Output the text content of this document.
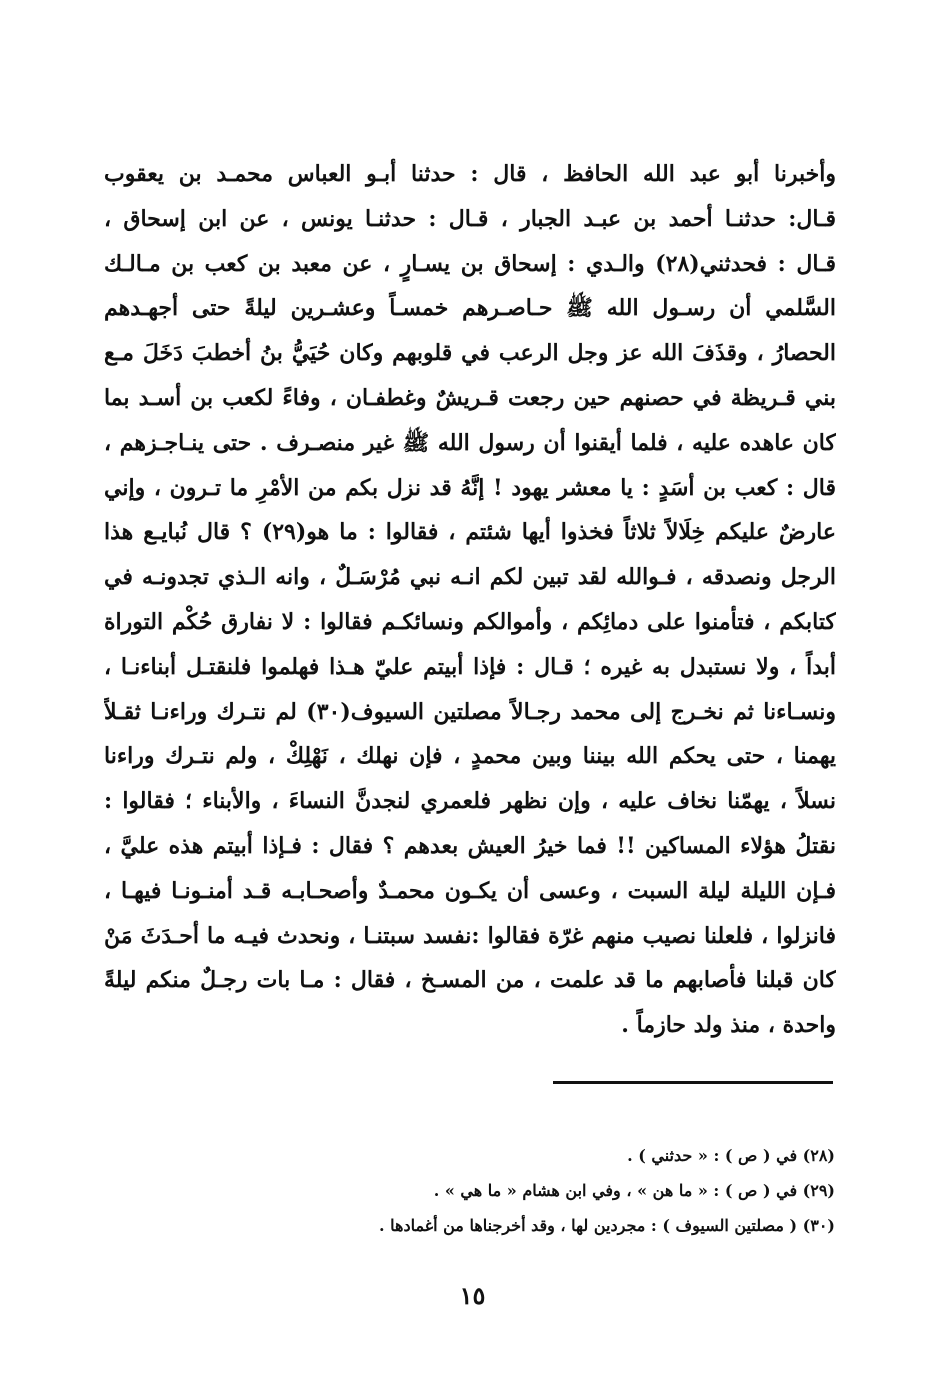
وأخبرنا أبو عبد الله الحافظ ، قال : حدثنا أبـو العباس محمـد بن يعقوب
قـال: حدثنـا أحمد بن عبـد الجبار ، قـال : حدثنـا يونس ، عن ابن إسحاق ،
قـال : فحدثني(٢٨) والـدي : إسحاق بن يسـارٍ ، عن معبد بن كعب بن مـالـك
السَّلمي أن رسـول الله ﷺ حـاصـرهم خمسـاً وعشـرين ليلةً حتى أجهـدهم
الحصارُ ، وقذَفَ الله عز وجل الرعب في قلوبهم وكان حُيَيُّ بنُ أخطبَ دَخَلَ مـع
بني قـريظة في حصنهم حين رجعت قـريشٌ وغطفـان ، وفاءً لكعب بن أسـد بما
كان عاهده عليه ، فلما أيقنوا أن رسول الله ﷺ غير منصـرف . حتى ينـاجـزهم ،
قال : كعب بن أسَدٍ : يا معشر يهود ! إنَّهُ قد نزل بكم من الأمْرِ ما تـرون ، وإني
عارضٌ عليكم خِلَالاً ثلاثاً فخذوا أيها شئتم ، فقالوا : ما هو(٢٩) ؟ قال نُبايـع هذا
الرجل ونصدقه ، فـوالله لقد تبين لكم انـه نبي مُرْسَـلٌ ، وانه الـذي تجدونـه في
كتابكم ، فتأمنوا على دمائِكم ، وأموالكم ونسائكـم فقالوا : لا نفارق حُكْم التوراة
أبداً ، ولا نستبدل به غيره ؛ قـال : فإذا أبيتم عليّ هـذا فهلموا فلنقتـل أبناءنـا ،
ونسـاءنا ثم نخـرج إلى محمد رجـالاً مصلتين السيوف(٣٠) لم نتـرك وراءنـا ثقـلاً
يهمنا ، حتى يحكم الله بيننا وبين محمدٍ ، فإن نهلك ، نَهْلِكْ ، ولم نتـرك وراءنا
نسلاً ، يهمّنا نخاف عليه ، وإن نظهر فلعمري لنجدنَّ النساءَ ، والأبناء ؛ فقالوا :
نقتلُ هؤلاء المساكين !! فما خيرُ العيش بعدهم ؟ فقال : فـإذا أبيتم هذه عليَّ ،
فـإن الليلة ليلة السبت ، وعسى أن يكـون محمـدٌ وأصحـابـه قـد أمنـونـا فيهـا ،
فانزلوا ، فلعلنا نصيب منهم غرّة فقالوا :نفسد سبتنـا ، ونحدث فيـه ما أحـدَثَ مَنْ
كان قبلنا فأصابهم ما قد علمت ، من المسـخ ، فقال : مـا بات رجـلٌ منكم ليلةً
واحدة ، منذ ولد حازماً .
(٢٨) في ( ص ) : « حدثني ) .
(٢٩) في ( ص ) : « ما هن » ، وفي ابن هشام « ما هي » .
(٣٠) ( مصلتين السيوف ) : مجردين لها ، وقد أخرجناها من أغمادها .
١٥
